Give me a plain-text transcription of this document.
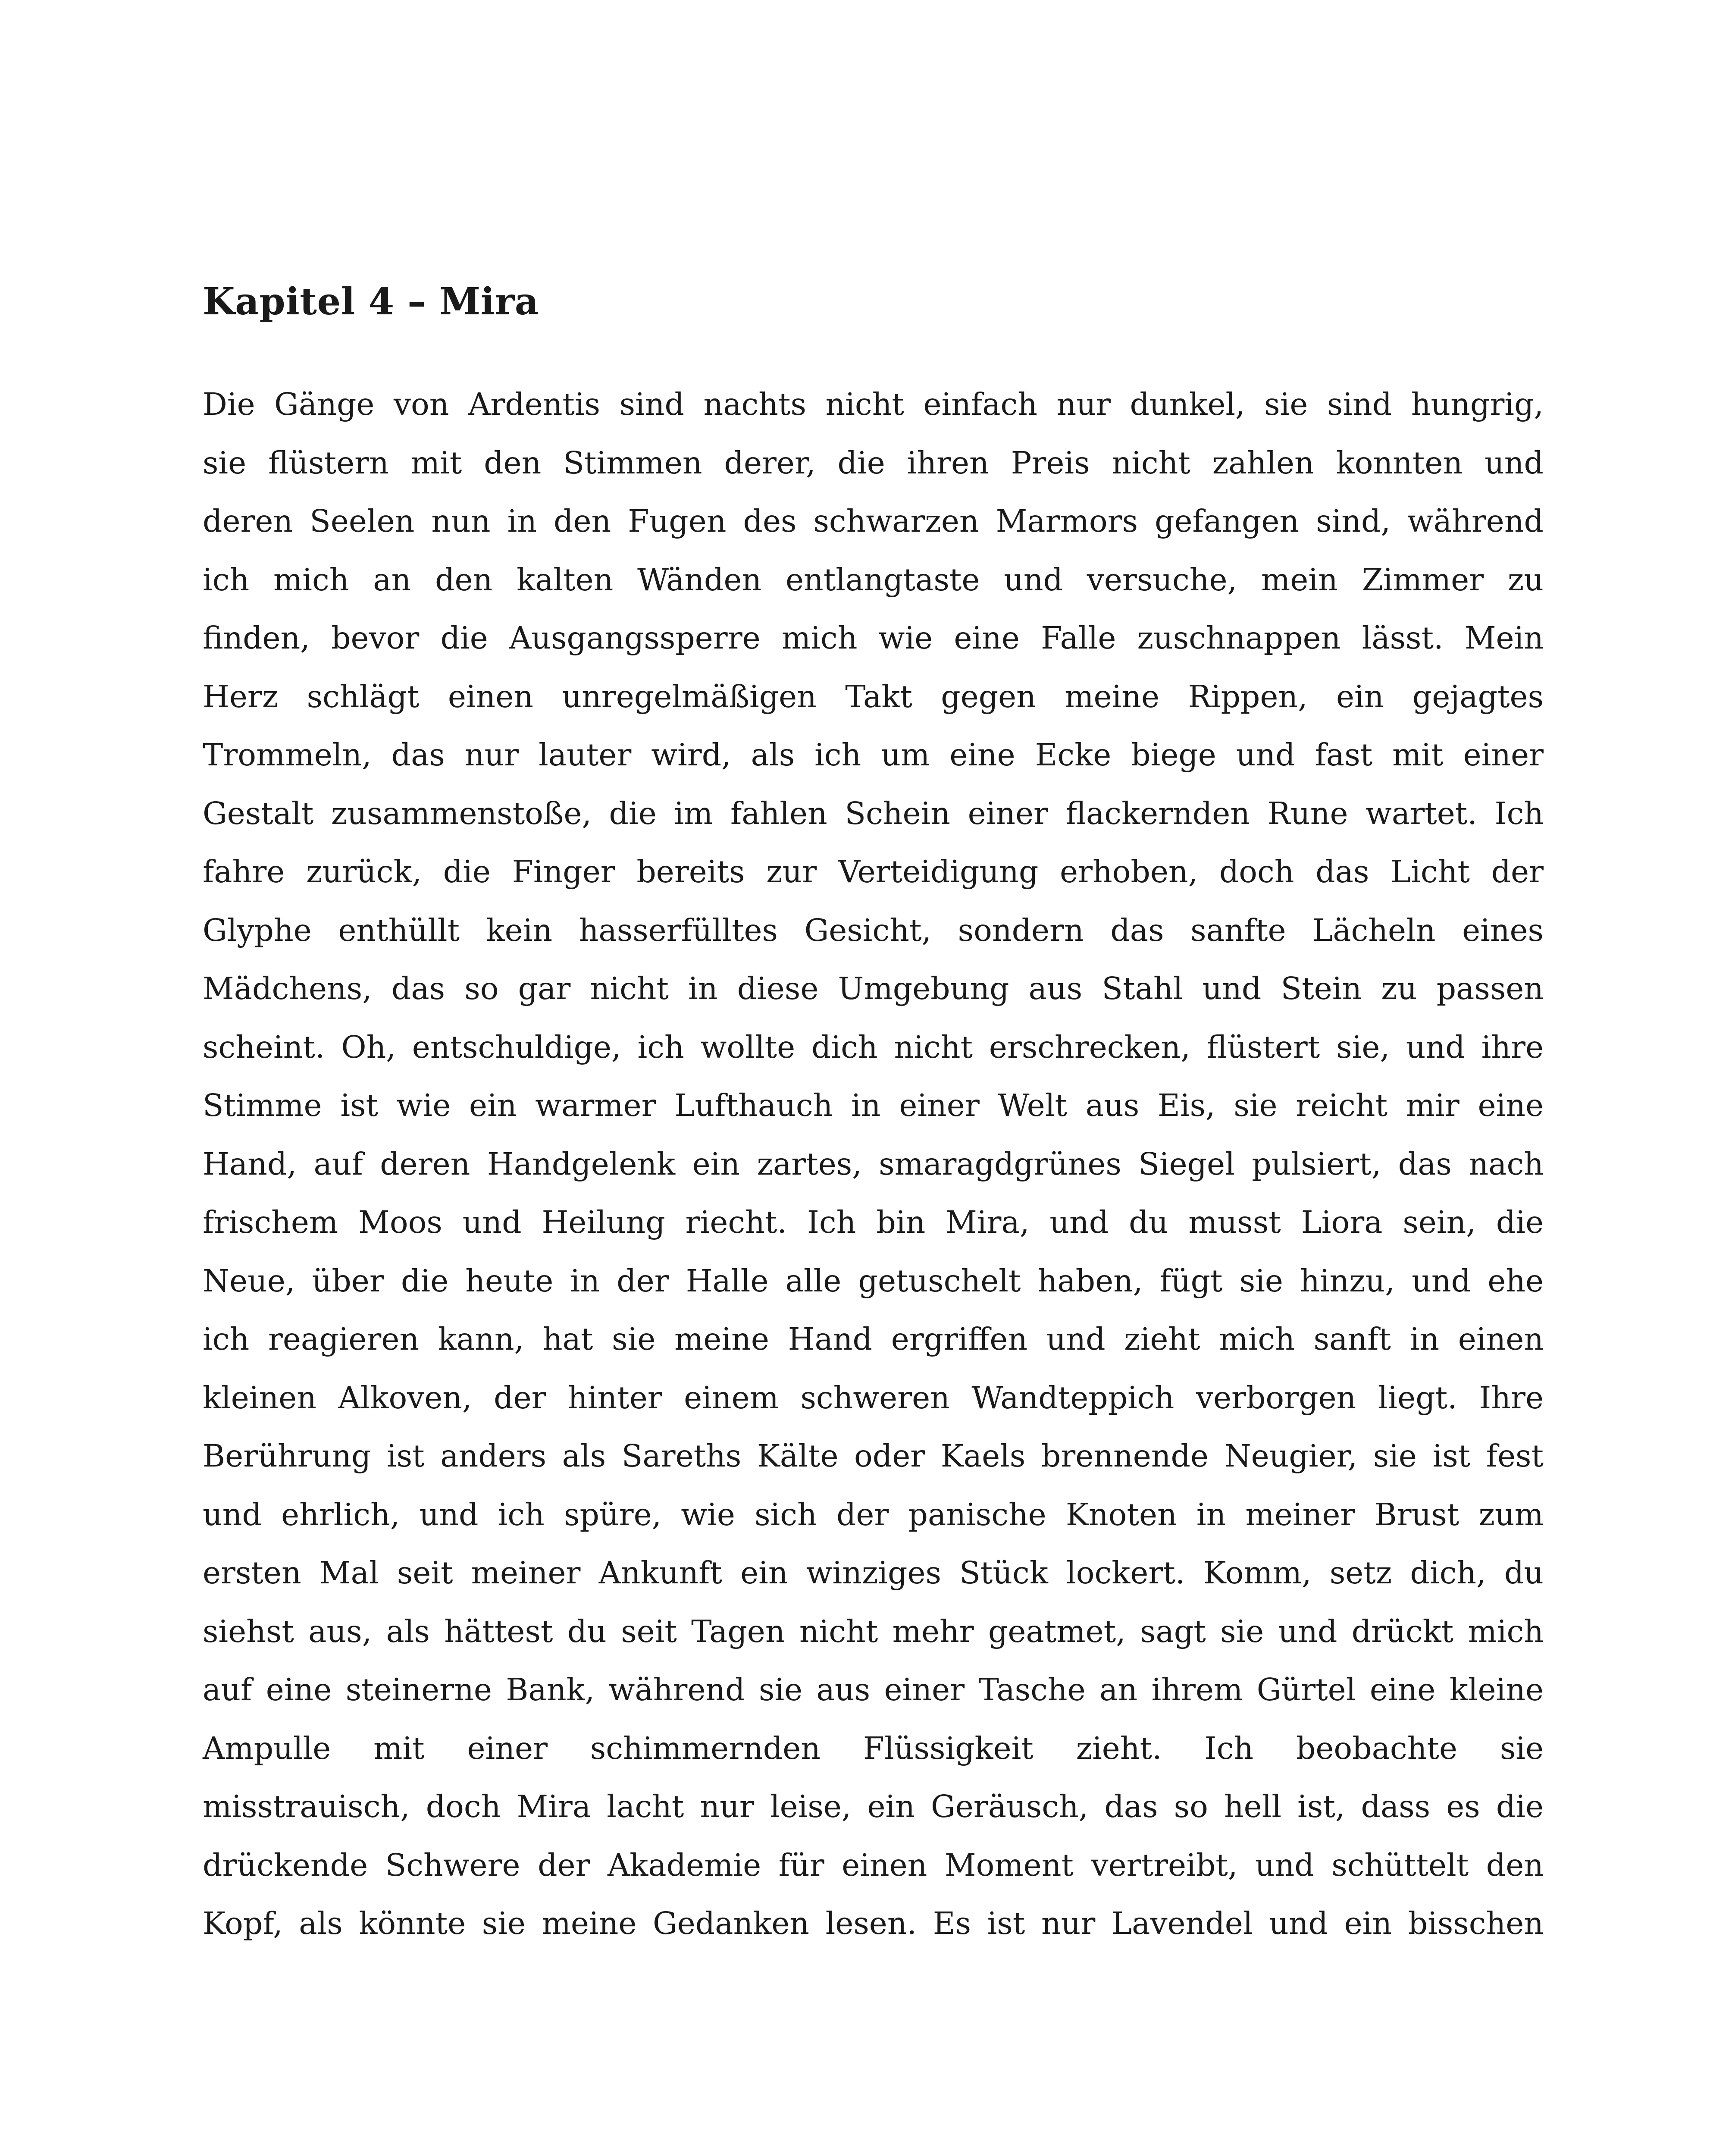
Kapitel 4 – Mira
Die Gänge von Ardentis sind nachts nicht einfach nur dunkel, sie sind hungrig,
sie flüstern mit den Stimmen derer, die ihren Preis nicht zahlen konnten und
deren Seelen nun in den Fugen des schwarzen Marmors gefangen sind, während
ich mich an den kalten Wänden entlangtaste und versuche, mein Zimmer zu
finden, bevor die Ausgangssperre mich wie eine Falle zuschnappen lässt. Mein
Herz schlägt einen unregelmäßigen Takt gegen meine Rippen, ein gejagtes
Trommeln, das nur lauter wird, als ich um eine Ecke biege und fast mit einer
Gestalt zusammenstoße, die im fahlen Schein einer flackernden Rune wartet. Ich
fahre zurück, die Finger bereits zur Verteidigung erhoben, doch das Licht der
Glyphe enthüllt kein hasserfülltes Gesicht, sondern das sanfte Lächeln eines
Mädchens, das so gar nicht in diese Umgebung aus Stahl und Stein zu passen
scheint. Oh, entschuldige, ich wollte dich nicht erschrecken, flüstert sie, und ihre
Stimme ist wie ein warmer Lufthauch in einer Welt aus Eis, sie reicht mir eine
Hand, auf deren Handgelenk ein zartes, smaragdgrünes Siegel pulsiert, das nach
frischem Moos und Heilung riecht. Ich bin Mira, und du musst Liora sein, die
Neue, über die heute in der Halle alle getuschelt haben, fügt sie hinzu, und ehe
ich reagieren kann, hat sie meine Hand ergriffen und zieht mich sanft in einen
kleinen Alkoven, der hinter einem schweren Wandteppich verborgen liegt. Ihre
Berührung ist anders als Sareths Kälte oder Kaels brennende Neugier, sie ist fest
und ehrlich, und ich spüre, wie sich der panische Knoten in meiner Brust zum
ersten Mal seit meiner Ankunft ein winziges Stück lockert. Komm, setz dich, du
siehst aus, als hättest du seit Tagen nicht mehr geatmet, sagt sie und drückt mich
auf eine steinerne Bank, während sie aus einer Tasche an ihrem Gürtel eine kleine
Ampulle mit einer schimmernden Flüssigkeit zieht. Ich beobachte sie
misstrauisch, doch Mira lacht nur leise, ein Geräusch, das so hell ist, dass es die
drückende Schwere der Akademie für einen Moment vertreibt, und schüttelt den
Kopf, als könnte sie meine Gedanken lesen. Es ist nur Lavendel und ein bisschen
